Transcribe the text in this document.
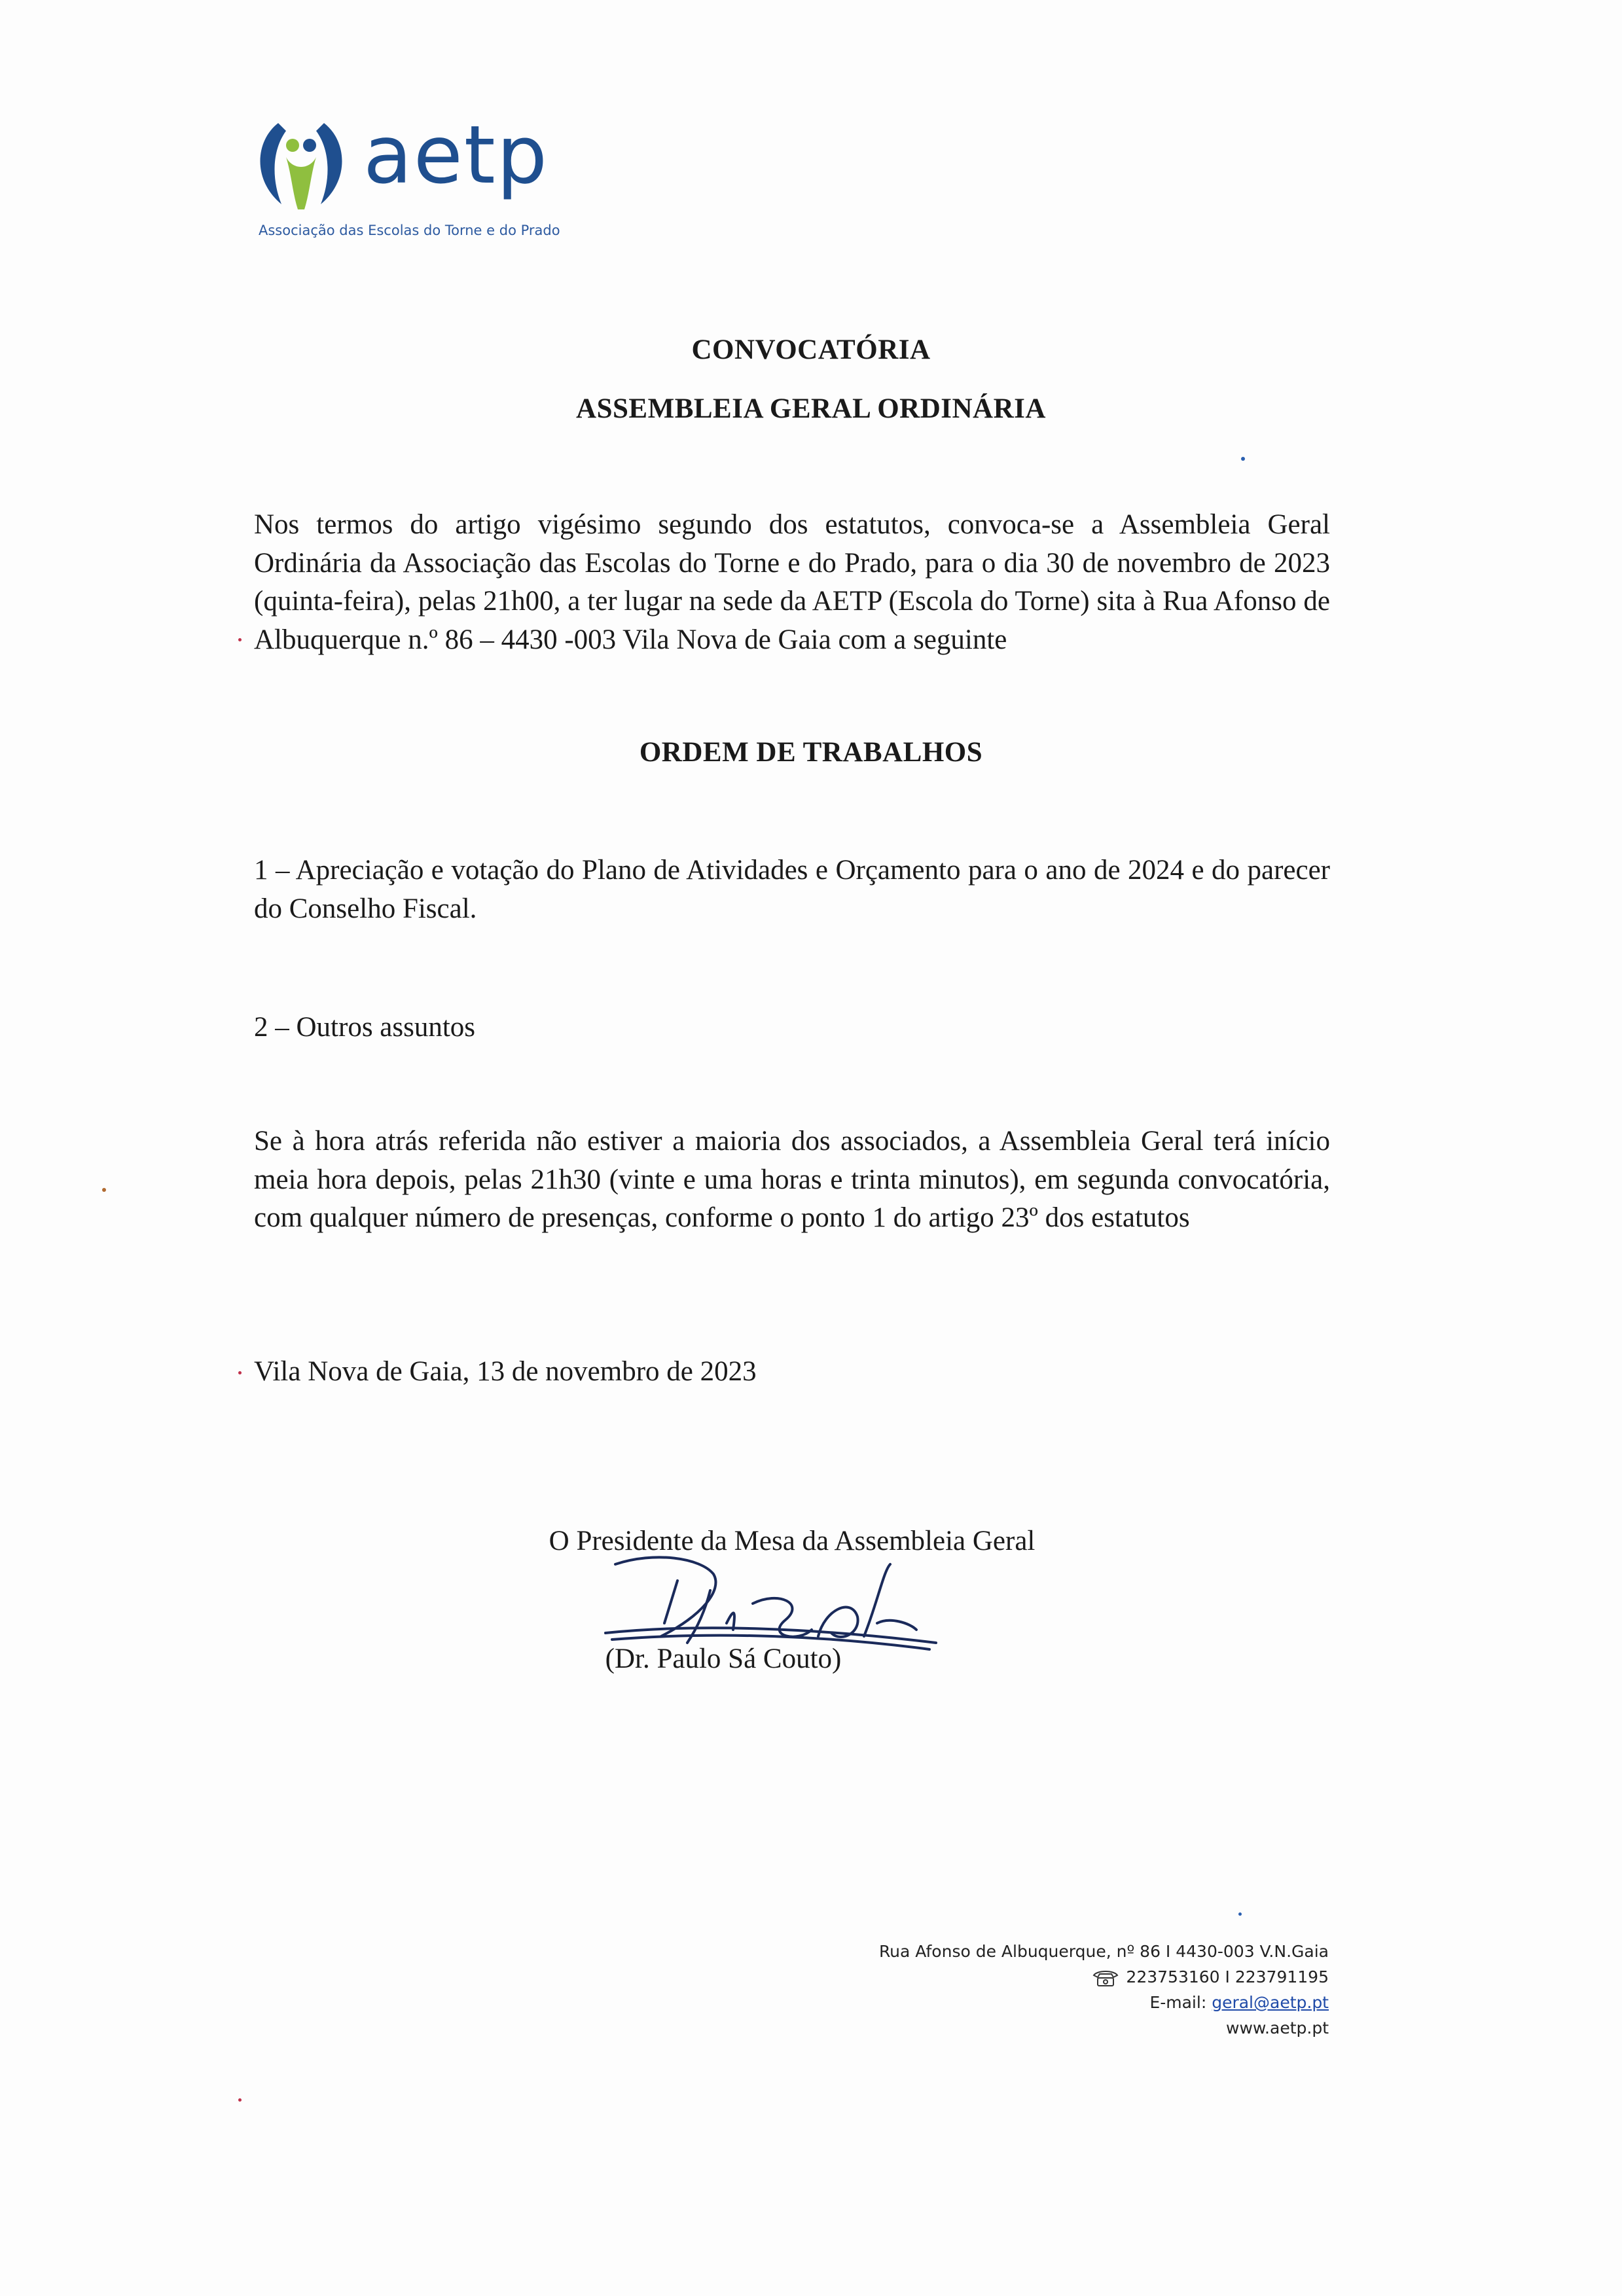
aetp
Associação das Escolas do Torne e do Prado
CONVOCATÓRIA
ASSEMBLEIA GERAL ORDINÁRIA
Nos termos do artigo vigésimo segundo dos estatutos, convoca-se a Assembleia Geral Ordinária da Associação das Escolas do Torne e do Prado, para o dia 30 de novembro de 2023 (quinta-feira), pelas 21h00, a ter lugar na sede da AETP (Escola do Torne) sita à Rua Afonso de Albuquerque n.º 86 – 4430 -003 Vila Nova de Gaia com a seguinte
ORDEM DE TRABALHOS
1 – Apreciação e votação do Plano de Atividades e Orçamento para o ano de 2024 e do parecer do Conselho Fiscal.
2 – Outros assuntos
Se à hora atrás referida não estiver a maioria dos associados, a Assembleia Geral terá início meia hora depois, pelas 21h30 (vinte e uma horas e trinta minutos), em segunda convocatória, com qualquer número de presenças, conforme o ponto 1 do artigo 23º dos estatutos
Vila Nova de Gaia, 13 de novembro de 2023
O Presidente da Mesa da Assembleia Geral
(Dr. Paulo Sá Couto)
Rua Afonso de Albuquerque, nº 86 I 4430-003 V.N.Gaia
223753160 I 223791195
E-mail: geral@aetp.pt
www.aetp.pt
